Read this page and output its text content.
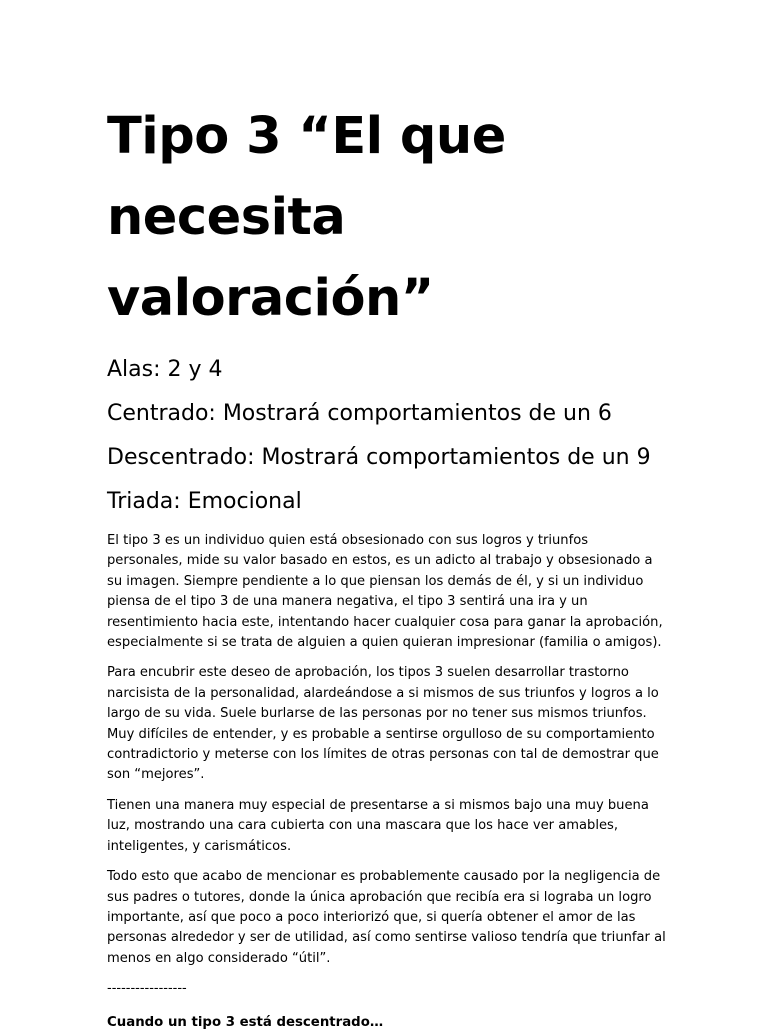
Tipo 3 “El que
necesita valoración”

Alas: 2 y 4

Centrado: Mostrará comportamientos de un 6

Descentrado: Mostrará comportamientos de un 9

Triada: Emocional

El tipo 3 es un individuo quien está obsesionado con sus logros y triunfos personales, mide su valor basado en estos, es un adicto al trabajo y obsesionado a su imagen. Siempre pendiente a lo que piensan los demás de él, y si un individuo piensa de el tipo 3 de una manera negativa, el tipo 3 sentirá una ira y un resentimiento hacia este, intentando hacer cualquier cosa para ganar la aprobación, especialmente si se trata de alguien a quien quieran impresionar (familia o amigos).

Para encubrir este deseo de aprobación, los tipos 3 suelen desarrollar trastorno narcisista de la personalidad, alardeándose a si mismos de sus triunfos y logros a lo largo de su vida. Suele burlarse de las personas por no tener sus mismos triunfos. Muy difíciles de entender, y es probable a sentirse orgulloso de su comportamiento contradictorio y meterse con los límites de otras personas con tal de demostrar que son “mejores”.

Tienen una manera muy especial de presentarse a si mismos bajo una muy buena luz, mostrando una cara cubierta con una mascara que los hace ver amables, inteligentes, y carismáticos.

Todo esto que acabo de mencionar es probablemente causado por la negligencia de sus padres o tutores, donde la única aprobación que recibía era si lograba un logro importante, así que poco a poco interiorizó que, si quería obtener el amor de las personas alrededor y ser de utilidad, así como sentirse valioso tendría que triunfar al menos en algo considerado “útil”.

-----------------

Cuando un tipo 3 está descentrado…
